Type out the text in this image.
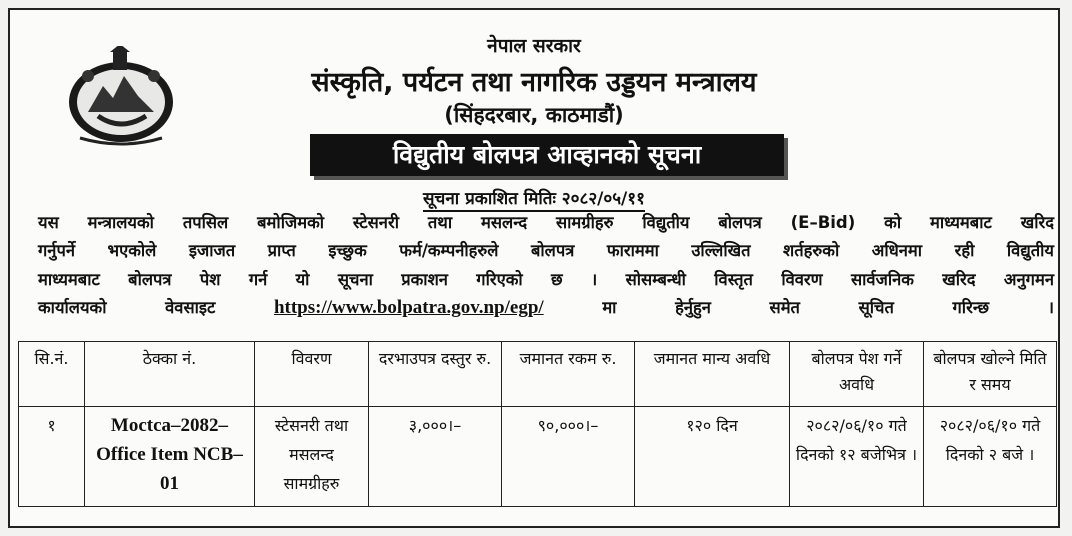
नेपाल सरकार
संस्कृति, पर्यटन तथा नागरिक उड्डयन मन्त्रालय
(सिंहदरबार, काठमाडौं)
विद्युतीय बोलपत्र आव्हानको सूचना
सूचना प्रकाशित मितिः २०८२/०५/११
यस मन्त्रालयको तपसिल बमोजिमको स्टेसनरी तथा मसलन्द सामग्रीहरु विद्युतीय बोलपत्र (E–Bid) को माध्यमबाट खरिद
गर्नुपर्ने भएकोले इजाजत प्राप्त इच्छुक फर्म/कम्पनीहरुले बोलपत्र फाराममा उल्लिखित शर्तहरुको अधिनमा रही विद्युतीय
माध्यमबाट बोलपत्र पेश गर्न यो सूचना प्रकाशन गरिएको छ । सोसम्बन्धी विस्तृत विवरण सार्वजनिक खरिद अनुगमन
कार्यालयको वेवसाइट	https://www.bolpatra.gov.np/egp/	मा हेर्नुहुन समेत सूचित गरिन्छ ।
सि.नं.	ठेक्का नं.	विवरण	दरभाउपत्र दस्तुर रु.	जमानत रकम रु.	जमानत मान्य अवधि	बोलपत्र पेश गर्ने अवधि	बोलपत्र खोल्ने मिति र समय
१	Moctca–2082– Office Item NCB–01	स्टेसनरी तथा मसलन्द सामग्रीहरु	३,०००।–	९०,०००।–	१२० दिन	२०८२/०६/१० गते दिनको १२ बजेभित्र ।	२०८२/०६/१० गते दिनको २ बजे ।
